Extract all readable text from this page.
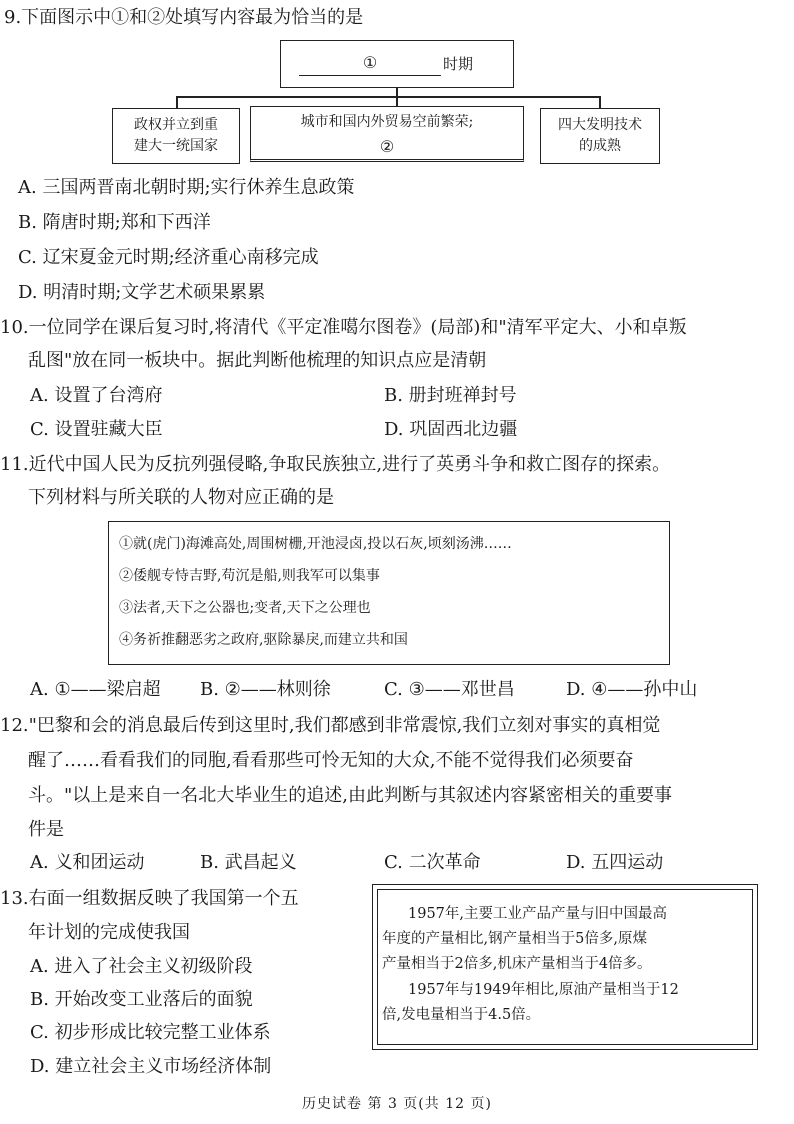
9.下面图示中①和②处填写内容最为恰当的是
①	时期
政权并立到重
建大一统国家
城市和国内外贸易空前繁荣;
②
四大发明技术
的成熟
A. 三国两晋南北朝时期;实行休养生息政策
B. 隋唐时期;郑和下西洋
C. 辽宋夏金元时期;经济重心南移完成
D. 明清时期;文学艺术硕果累累
10.一位同学在课后复习时,将清代《平定准噶尔图卷》(局部)和"清军平定大、小和卓叛
乱图"放在同一板块中。据此判断他梳理的知识点应是清朝
A. 设置了台湾府	B. 册封班禅封号
C. 设置驻藏大臣	D. 巩固西北边疆
11.近代中国人民为反抗列强侵略,争取民族独立,进行了英勇斗争和救亡图存的探索。
下列材料与所关联的人物对应正确的是
①就(虎门)海滩高处,周围树栅,开池浸卤,投以石灰,顷刻汤沸……
②倭舰专恃吉野,苟沉是船,则我军可以集事
③法者,天下之公器也;变者,天下之公理也
④务祈推翻恶劣之政府,驱除暴戾,而建立共和国
A. ①——梁启超 B. ②——林则徐	C. ③——邓世昌	D. ④——孙中山
12."巴黎和会的消息最后传到这里时,我们都感到非常震惊,我们立刻对事实的真相觉
醒了……看看我们的同胞,看看那些可怜无知的大众,不能不觉得我们必须要奋
斗。"以上是来自一名北大毕业生的追述,由此判断与其叙述内容紧密相关的重要事
件是
A. 义和团运动	B. 武昌起义	C. 二次革命	D. 五四运动
13.右面一组数据反映了我国第一个五
年计划的完成使我国
A. 进入了社会主义初级阶段
B. 开始改变工业落后的面貌
C. 初步形成比较完整工业体系
D. 建立社会主义市场经济体制
1957年,主要工业产品产量与旧中国最高
年度的产量相比,钢产量相当于5倍多,原煤
产量相当于2倍多,机床产量相当于4倍多。
1957年与1949年相比,原油产量相当于12
倍,发电量相当于4.5倍。
历史试卷 第 3 页(共 12 页)
